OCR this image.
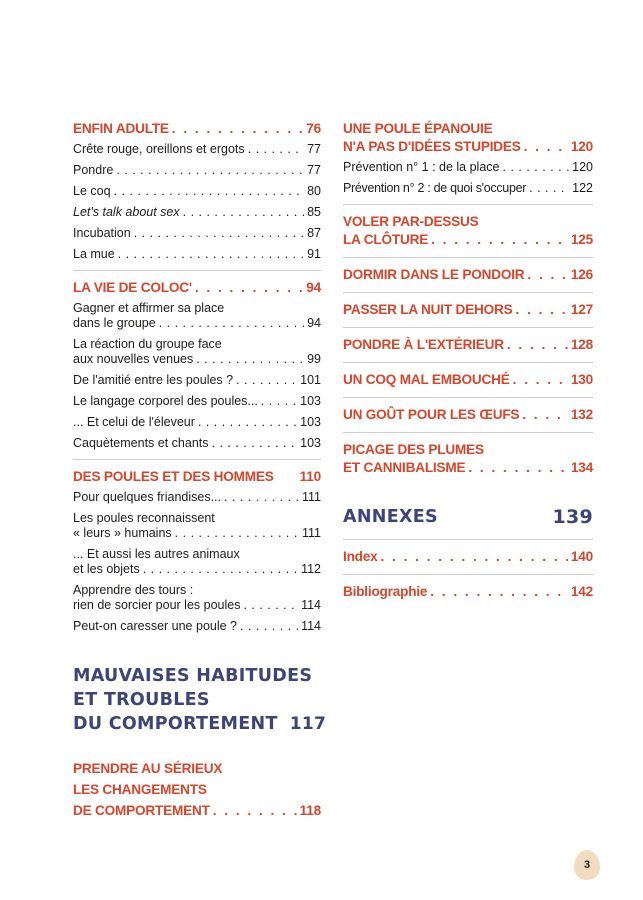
ENFIN ADULTE . . .	76
Crête rouge, oreillons et ergots . . .	77
Pondre . . .	77
Le coq . . .	80
Let's talk about sex . . .	85
Incubation . . .	87
La mue . . .	91
LA VIE DE COLOC' . . .	94
Gagner et affirmer sa place
dans le groupe . . .	94
La réaction du groupe face
aux nouvelles venues . . .	99
De l'amitié entre les poules ? . . .	101
Le langage corporel des poules... . . .	103
... Et celui de l'éleveur . . .	103
Caquètements et chants . . .	103
DES POULES ET DES HOMMES 110
Pour quelques friandises... . . .	111
Les poules reconnaissent
« leurs » humains . . .	111
... Et aussi les autres animaux
et les objets . . .	112
Apprendre des tours :
rien de sorcier pour les poules . . .	114
Peut-on caresser une poule ? . . .	114
MAUVAISES HABITUDES
ET TROUBLES
DU COMPORTEMENT 117
PRENDRE AU SÉRIEUX
LES CHANGEMENTS
DE COMPORTEMENT . . .	118
UNE POULE ÉPANOUIE
N'A PAS D'IDÉES STUPIDES . . .	120
Prévention n° 1 : de la place . . .	120
Prévention n° 2 : de quoi s'occuper . . .	122
VOLER PAR-DESSUS
LA CLÔTURE . . .	125
DORMIR DANS LE PONDOIR . . .	126
PASSER LA NUIT DEHORS . . .	127
PONDRE À L'EXTÉRIEUR . . .	128
UN COQ MAL EMBOUCHÉ . . .	130
UN GOÛT POUR LES ŒUFS . . .	132
PICAGE DES PLUMES
ET CANNIBALISME . . .	134
ANNEXES	139
Index . . .	140
Bibliographie . . .	142
3
